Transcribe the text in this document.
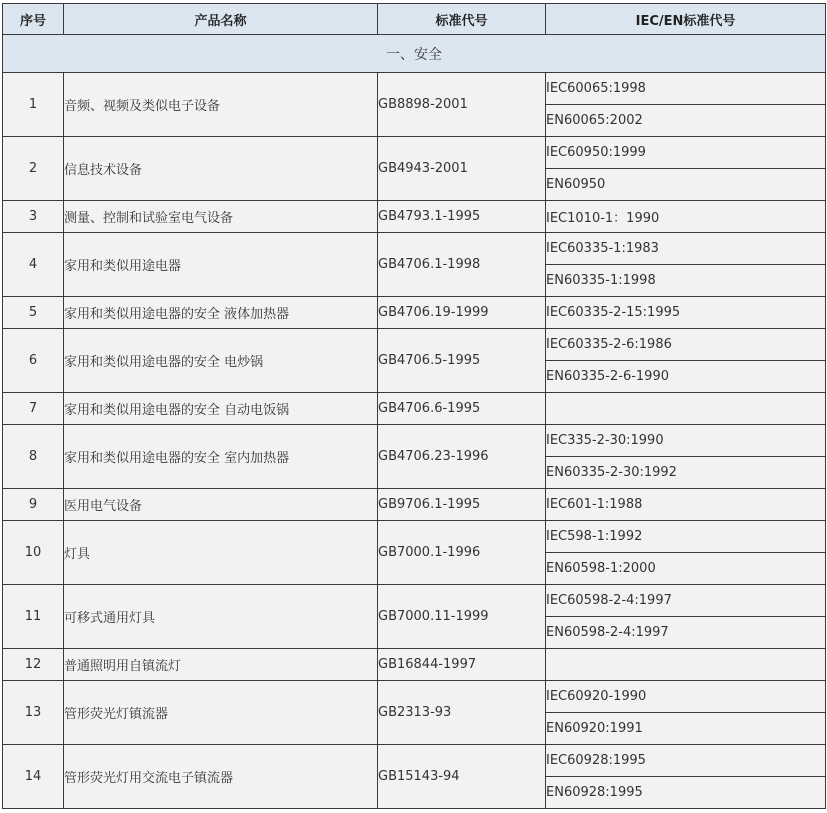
序号	产品名称	标准代号	IEC/EN标准代号
一、安全			
1	音频、视频及类似电子设备	GB8898-2001	IEC60065:1998
			EN60065:2002
2	信息技术设备	GB4943-2001	IEC60950:1999
			EN60950
3	测量、控制和试验室电气设备	GB4793.1-1995	IEC1010-1：1990
4	家用和类似用途电器	GB4706.1-1998	IEC60335-1:1983
			EN60335-1:1998
5	家用和类似用途电器的安全 液体加热器	GB4706.19-1999	IEC60335-2-15:1995
6	家用和类似用途电器的安全 电炒锅	GB4706.5-1995	IEC60335-2-6:1986
			EN60335-2-6-1990
7	家用和类似用途电器的安全 自动电饭锅	GB4706.6-1995	
8	家用和类似用途电器的安全 室内加热器	GB4706.23-1996	IEC335-2-30:1990
			EN60335-2-30:1992
9	医用电气设备	GB9706.1-1995	IEC601-1:1988
10	灯具	GB7000.1-1996	IEC598-1:1992
			EN60598-1:2000
11	可移式通用灯具	GB7000.11-1999	IEC60598-2-4:1997
			EN60598-2-4:1997
12	普通照明用自镇流灯	GB16844-1997	
13	管形荧光灯镇流器	GB2313-93	IEC60920-1990
			EN60920:1991
14	管形荧光灯用交流电子镇流器	GB15143-94	IEC60928:1995
			EN60928:1995
